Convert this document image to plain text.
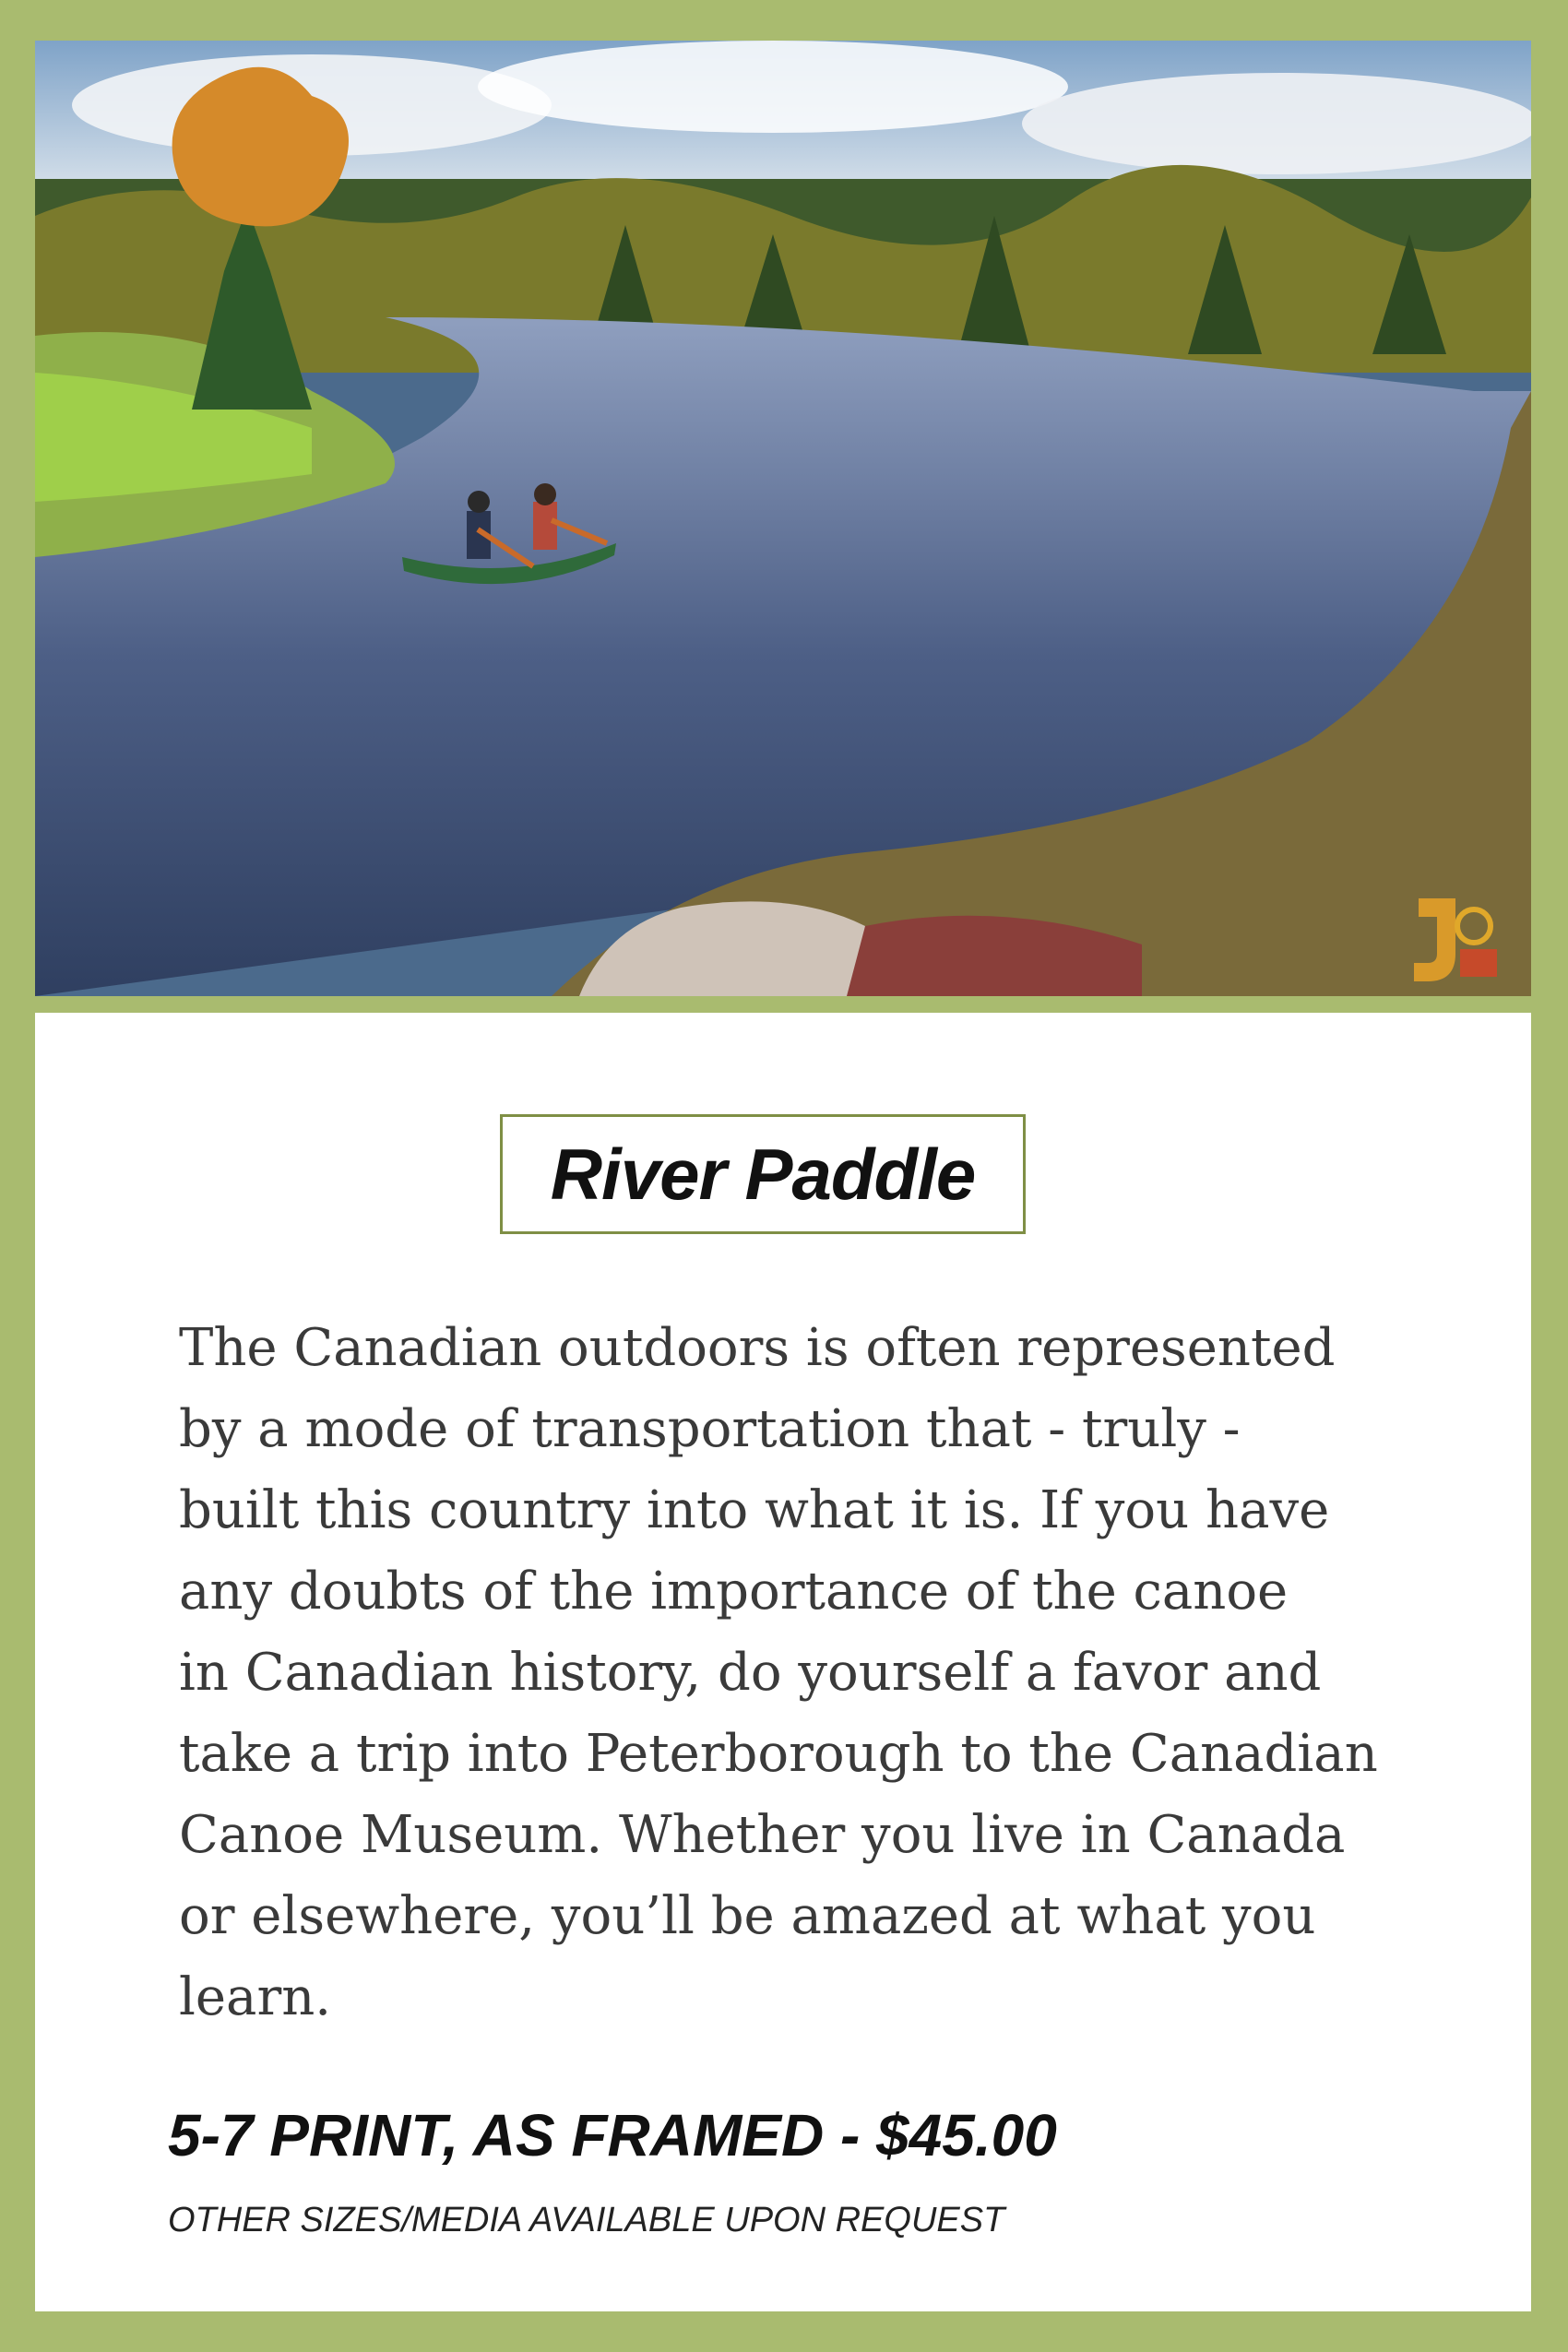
River Paddle
The Canadian outdoors is often represented
by a mode of transportation that - truly -
built this country into what it is. If you have
any doubts of the importance of the canoe
in Canadian history, do yourself a favor and
take a trip into Peterborough to the Canadian
Canoe Museum. Whether you live in Canada
or elsewhere, you’ll be amazed at what you
learn.
5-7 PRINT, AS FRAMED - $45.00
OTHER SIZES/MEDIA AVAILABLE UPON REQUEST
